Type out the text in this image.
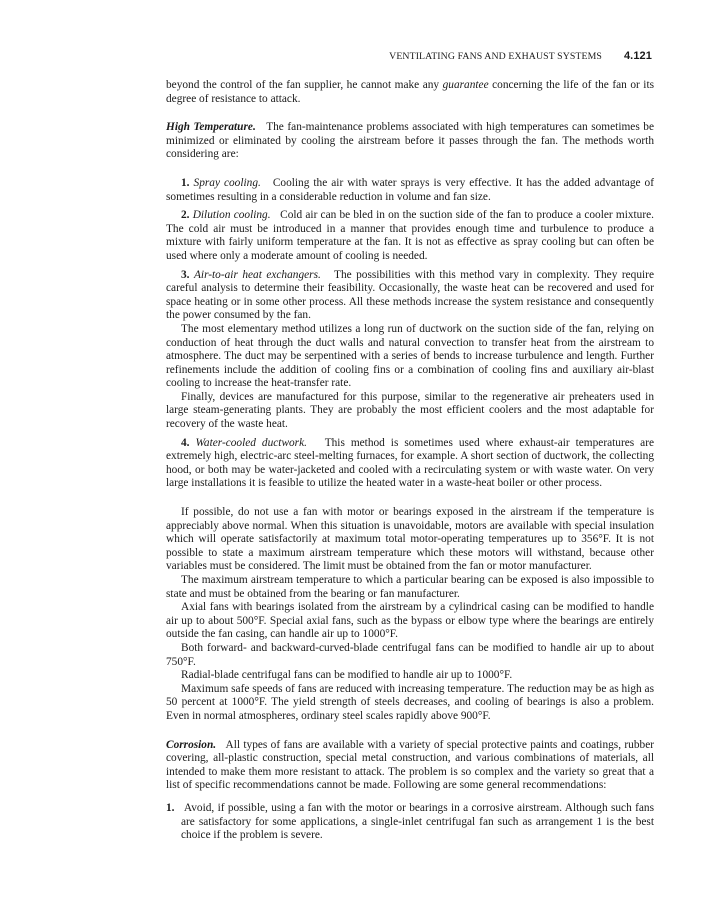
VENTILATING FANS AND EXHAUST SYSTEMS 4.121

beyond the control of the fan supplier, he cannot make any guarantee concerning the life of the fan or its degree of resistance to attack.

High Temperature. The fan-maintenance problems associated with high temperatures can sometimes be minimized or eliminated by cooling the airstream before it passes through the fan. The methods worth considering are:

1. Spray cooling. Cooling the air with water sprays is very effective. It has the added advantage of sometimes resulting in a considerable reduction in volume and fan size.

2. Dilution cooling. Cold air can be bled in on the suction side of the fan to produce a cooler mixture. The cold air must be introduced in a manner that provides enough time and turbulence to produce a mixture with fairly uniform temperature at the fan. It is not as effective as spray cooling but can often be used where only a moderate amount of cooling is needed.

3. Air-to-air heat exchangers. The possibilities with this method vary in complexity. They require careful analysis to determine their feasibility. Occasionally, the waste heat can be recovered and used for space heating or in some other process. All these methods increase the system resistance and consequently the power consumed by the fan.

The most elementary method utilizes a long run of ductwork on the suction side of the fan, relying on conduction of heat through the duct walls and natural convection to transfer heat from the airstream to atmosphere. The duct may be serpentined with a series of bends to increase turbulence and length. Further refinements include the addition of cooling fins or a combination of cooling fins and auxiliary air-blast cooling to increase the heat-transfer rate.

Finally, devices are manufactured for this purpose, similar to the regenerative air preheaters used in large steam-generating plants. They are probably the most efficient coolers and the most adaptable for recovery of the waste heat.

4. Water-cooled ductwork. This method is sometimes used where exhaust-air temperatures are extremely high, electric-arc steel-melting furnaces, for example. A short section of ductwork, the collecting hood, or both may be water-jacketed and cooled with a recirculating system or with waste water. On very large installations it is feasible to utilize the heated water in a waste-heat boiler or other process.

If possible, do not use a fan with motor or bearings exposed in the airstream if the temperature is appreciably above normal. When this situation is unavoidable, motors are available with special insulation which will operate satisfactorily at maximum total motor-operating temperatures up to 356°F. It is not possible to state a maximum airstream temperature which these motors will withstand, because other variables must be considered. The limit must be obtained from the fan or motor manufacturer.

The maximum airstream temperature to which a particular bearing can be exposed is also impossible to state and must be obtained from the bearing or fan manufacturer.

Axial fans with bearings isolated from the airstream by a cylindrical casing can be modified to handle air up to about 500°F. Special axial fans, such as the bypass or elbow type where the bearings are entirely outside the fan casing, can handle air up to 1000°F.

Both forward- and backward-curved-blade centrifugal fans can be modified to handle air up to about 750°F.

Radial-blade centrifugal fans can be modified to handle air up to 1000°F.

Maximum safe speeds of fans are reduced with increasing temperature. The reduction may be as high as 50 percent at 1000°F. The yield strength of steels decreases, and cooling of bearings is also a problem. Even in normal atmospheres, ordinary steel scales rapidly above 900°F.

Corrosion. All types of fans are available with a variety of special protective paints and coatings, rubber covering, all-plastic construction, special metal construction, and various combinations of materials, all intended to make them more resistant to attack. The problem is so complex and the variety so great that a list of specific recommendations cannot be made. Following are some general recommendations:

1. Avoid, if possible, using a fan with the motor or bearings in a corrosive airstream. Although such fans are satisfactory for some applications, a single-inlet centrifugal fan such as arrangement 1 is the best choice if the problem is severe.
